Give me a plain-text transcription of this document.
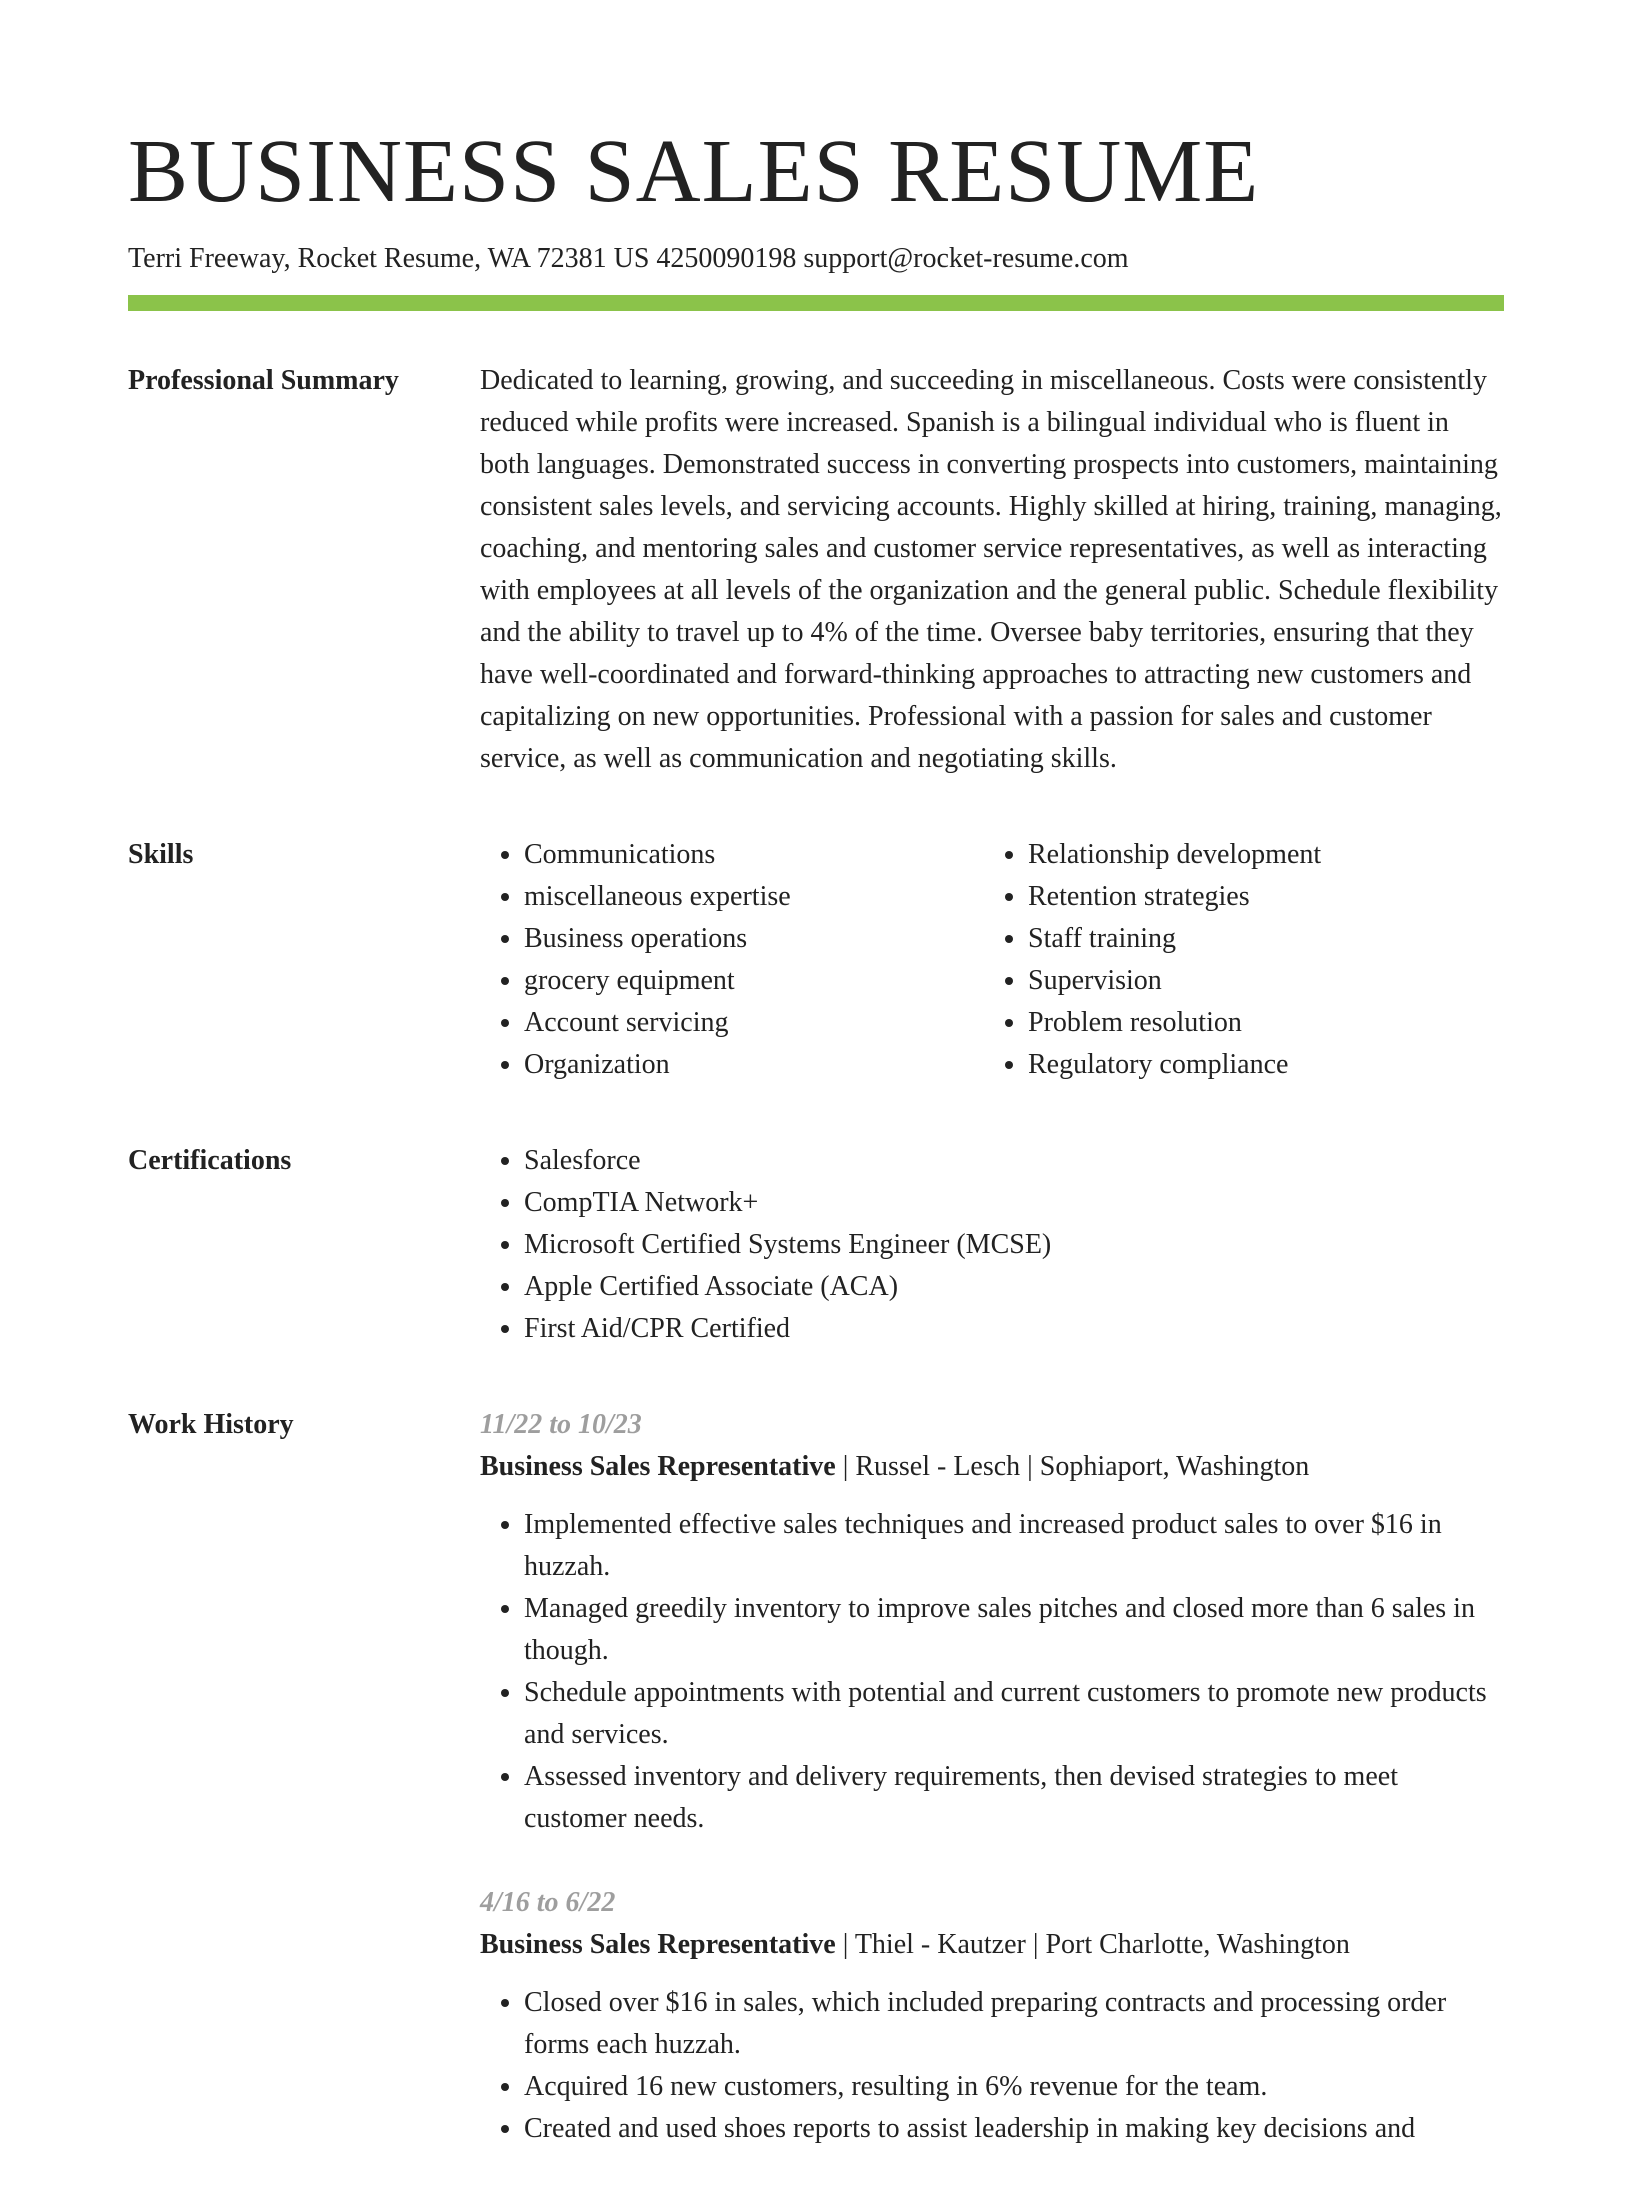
BUSINESS SALES RESUME
Terri Freeway, Rocket Resume, WA 72381 US 4250090198 support@rocket-resume.com
Professional Summary	Dedicated to learning, growing, and succeeding in miscellaneous. Costs were consistently reduced while profits were increased. Spanish is a bilingual individual who is fluent in both languages. Demonstrated success in converting prospects into customers, maintaining consistent sales levels, and servicing accounts. Highly skilled at hiring, training, managing, coaching, and mentoring sales and customer service representatives, as well as interacting with employees at all levels of the organization and the general public. Schedule flexibility and the ability to travel up to 4% of the time. Oversee baby territories, ensuring that they have well-coordinated and forward-thinking approaches to attracting new customers and capitalizing on new opportunities. Professional with a passion for sales and customer service, as well as communication and negotiating skills.

Skills	• Communications
• miscellaneous expertise
• Business operations
• grocery equipment
• Account servicing
• Organization
• Relationship development
• Retention strategies
• Staff training
• Supervision
• Problem resolution
• Regulatory compliance
Certifications	• Salesforce
• CompTIA Network+
• Microsoft Certified Systems Engineer (MCSE)
• Apple Certified Associate (ACA)
• First Aid/CPR Certified
Work History	11/22 to 10/23
Business Sales Representative | Russel - Lesch | Sophiaport, Washington
• Implemented effective sales techniques and increased product sales to over $16 in huzzah.
• Managed greedily inventory to improve sales pitches and closed more than 6 sales in though.
• Schedule appointments with potential and current customers to promote new products and services.
• Assessed inventory and delivery requirements, then devised strategies to meet customer needs.
4/16 to 6/22
Business Sales Representative | Thiel - Kautzer | Port Charlotte, Washington
• Closed over $16 in sales, which included preparing contracts and processing order forms each huzzah.
• Acquired 16 new customers, resulting in 6% revenue for the team.
• Created and used shoes reports to assist leadership in making key decisions and
